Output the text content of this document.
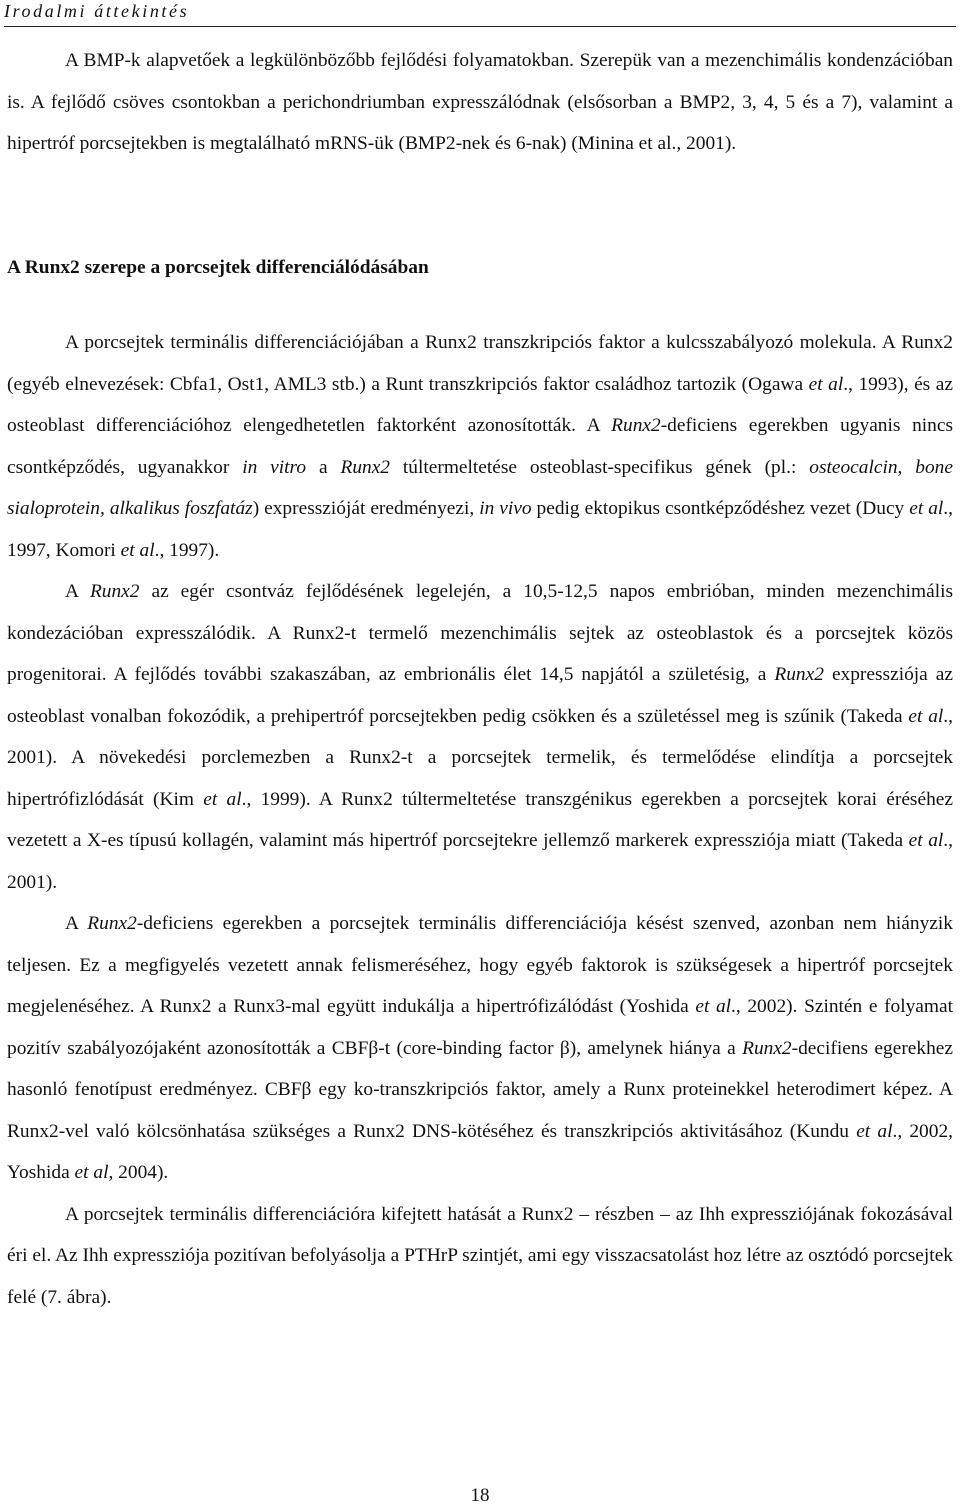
Irodalmi áttekintés

A BMP-k alapvetőek a legkülönbözőbb fejlődési folyamatokban. Szerepük van a mezenchimális kondenzációban is. A fejlődő csöves csontokban a perichondriumban expresszálódnak (elsősorban a BMP2, 3, 4, 5 és a 7), valamint a hipertróf porcsejtekben is megtalálható mRNS-ük (BMP2-nek és 6-nak) (Minina et al., 2001).

A Runx2 szerepe a porcsejtek differenciálódásában

A porcsejtek terminális differenciációjában a Runx2 transzkripciós faktor a kulcsszabályozó molekula. A Runx2 (egyéb elnevezések: Cbfa1, Ost1, AML3 stb.) a Runt transzkripciós faktor családhoz tartozik (Ogawa et al., 1993), és az osteoblast differenciációhoz elengedhetetlen faktorként azonosították. A Runx2-deficiens egerekben ugyanis nincs csontképződés, ugyanakkor in vitro a Runx2 túltermeltetése osteoblast-specifikus gének (pl.: osteocalcin, bone sialoprotein, alkalikus foszfatáz) expresszióját eredményezi, in vivo pedig ektopikus csontképződéshez vezet (Ducy et al., 1997, Komori et al., 1997).

A Runx2 az egér csontváz fejlődésének legelején, a 10,5-12,5 napos embrióban, minden mezenchimális kondezációban expresszálódik. A Runx2-t termelő mezenchimális sejtek az osteoblastok és a porcsejtek közös progenitorai. A fejlődés további szakaszában, az embrionális élet 14,5 napjától a születésig, a Runx2 expressziója az osteoblast vonalban fokozódik, a prehipertróf porcsejtekben pedig csökken és a születéssel meg is szűnik (Takeda et al., 2001). A növekedési porclemezben a Runx2-t a porcsejtek termelik, és termelődése elindítja a porcsejtek hipertrófizlódását (Kim et al., 1999). A Runx2 túltermeltetése transzgénikus egerekben a porcsejtek korai éréséhez vezetett a X-es típusú kollagén, valamint más hipertróf porcsejtekre jellemző markerek expressziója miatt (Takeda et al., 2001).

A Runx2-deficiens egerekben a porcsejtek terminális differenciációja késést szenved, azonban nem hiányzik teljesen. Ez a megfigyelés vezetett annak felismeréséhez, hogy egyéb faktorok is szükségesek a hipertróf porcsejtek megjelenéséhez. A Runx2 a Runx3-mal együtt indukálja a hipertrófizálódást (Yoshida et al., 2002). Szintén e folyamat pozitív szabályozójaként azonosították a CBFβ-t (core-binding factor β), amelynek hiánya a Runx2-decifiens egerekhez hasonló fenotípust eredményez. CBFβ egy ko-transzkripciós faktor, amely a Runx proteinekkel heterodimert képez. A Runx2-vel való kölcsönhatása szükséges a Runx2 DNS-kötéséhez és transzkripciós aktivitásához (Kundu et al., 2002, Yoshida et al, 2004).

A porcsejtek terminális differenciációra kifejtett hatását a Runx2 – részben – az Ihh expressziójának fokozásával éri el. Az Ihh expressziója pozitívan befolyásolja a PTHrP szintjét, ami egy visszacsatolást hoz létre az osztódó porcsejtek felé (7. ábra).

18
